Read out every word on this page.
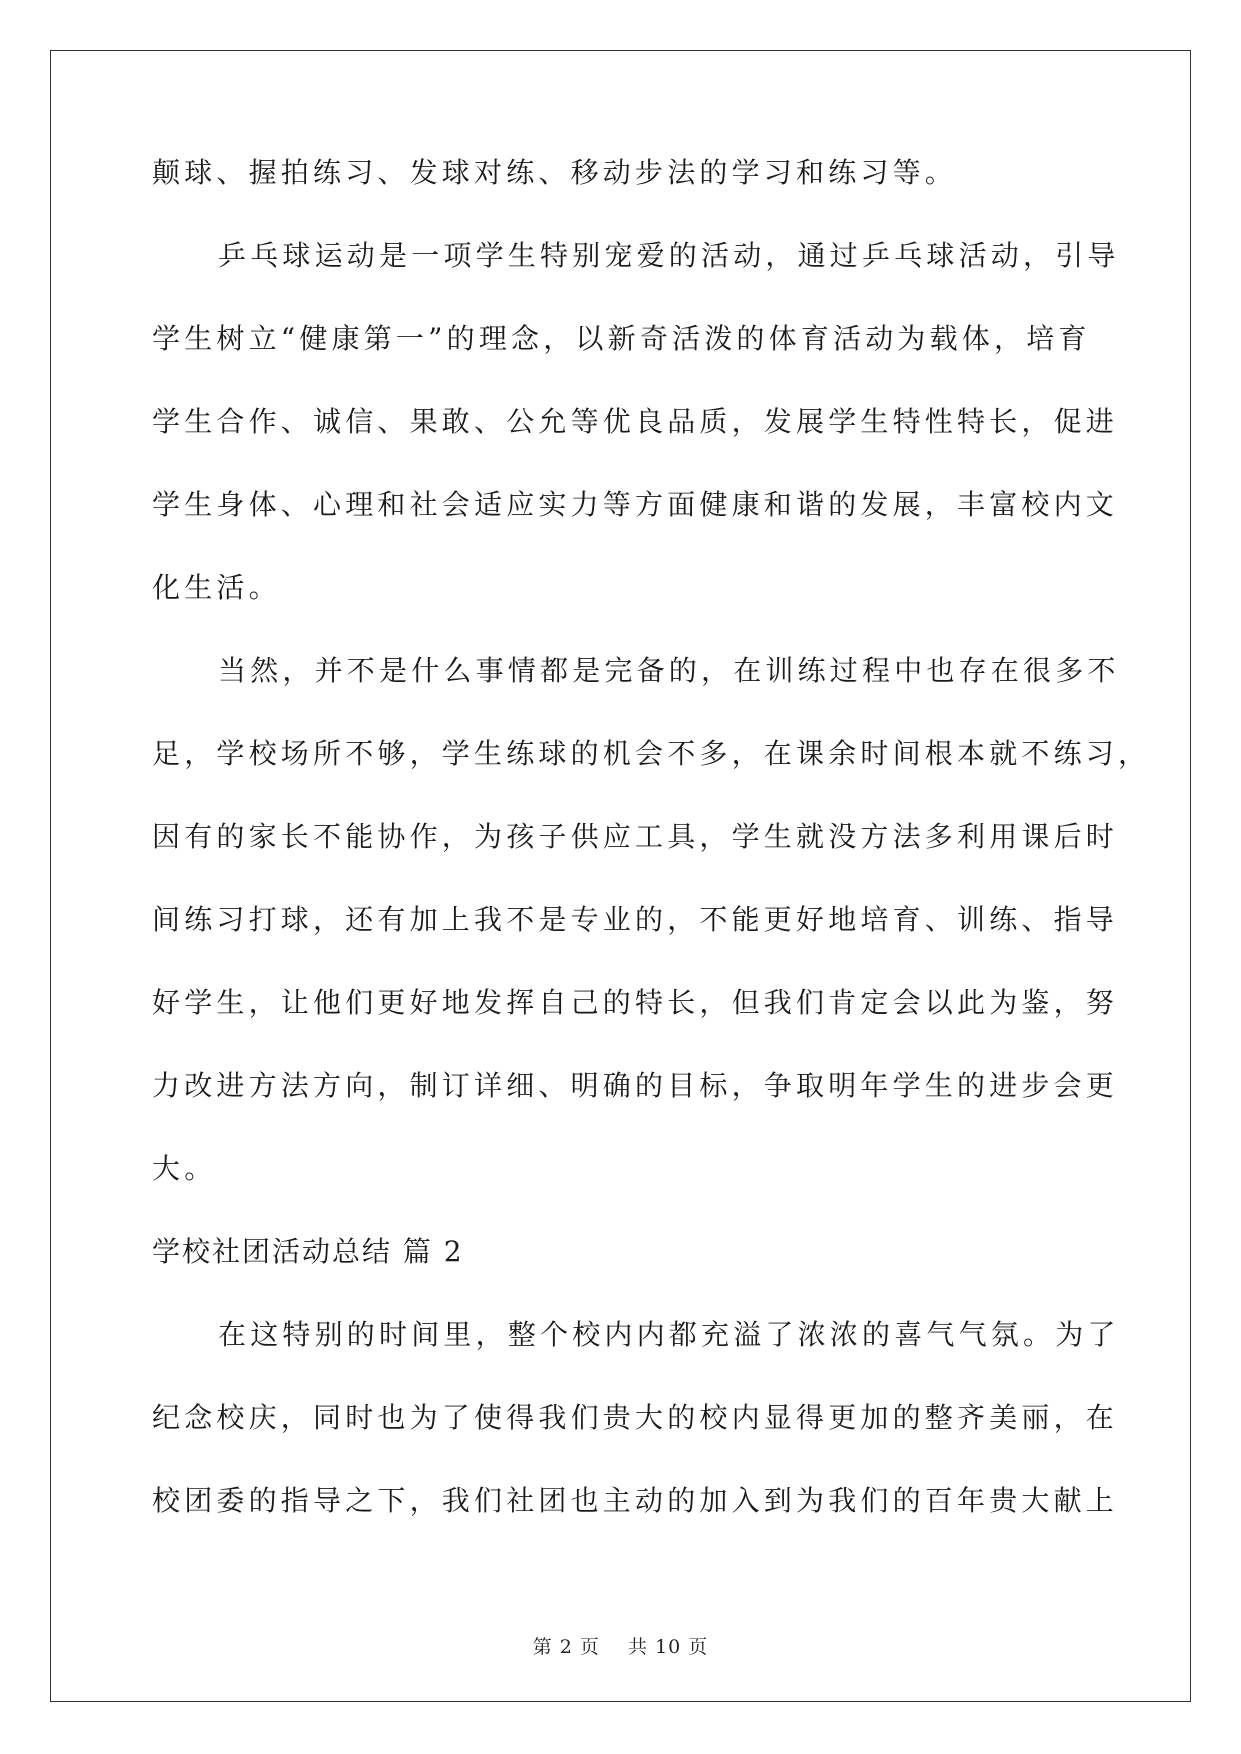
颠球、握拍练习、发球对练、移动步法的学习和练习等。
乒乓球运动是一项学生特别宠爱的活动，通过乒乓球活动，引导
学生树立“健康第一”的理念，以新奇活泼的体育活动为载体，培育
学生合作、诚信、果敢、公允等优良品质，发展学生特性特长，促进
学生身体、心理和社会适应实力等方面健康和谐的发展，丰富校内文
化生活。
当然，并不是什么事情都是完备的，在训练过程中也存在很多不
足，学校场所不够，学生练球的机会不多，在课余时间根本就不练习，
因有的家长不能协作，为孩子供应工具，学生就没方法多利用课后时
间练习打球，还有加上我不是专业的，不能更好地培育、训练、指导
好学生，让他们更好地发挥自己的特长，但我们肯定会以此为鉴，努
力改进方法方向，制订详细、明确的目标，争取明年学生的进步会更
大。
学校社团活动总结 篇 2
在这特别的时间里，整个校内内都充溢了浓浓的喜气气氛。为了
纪念校庆，同时也为了使得我们贵大的校内显得更加的整齐美丽，在
校团委的指导之下，我们社团也主动的加入到为我们的百年贵大献上
第 2 页 共 10 页
